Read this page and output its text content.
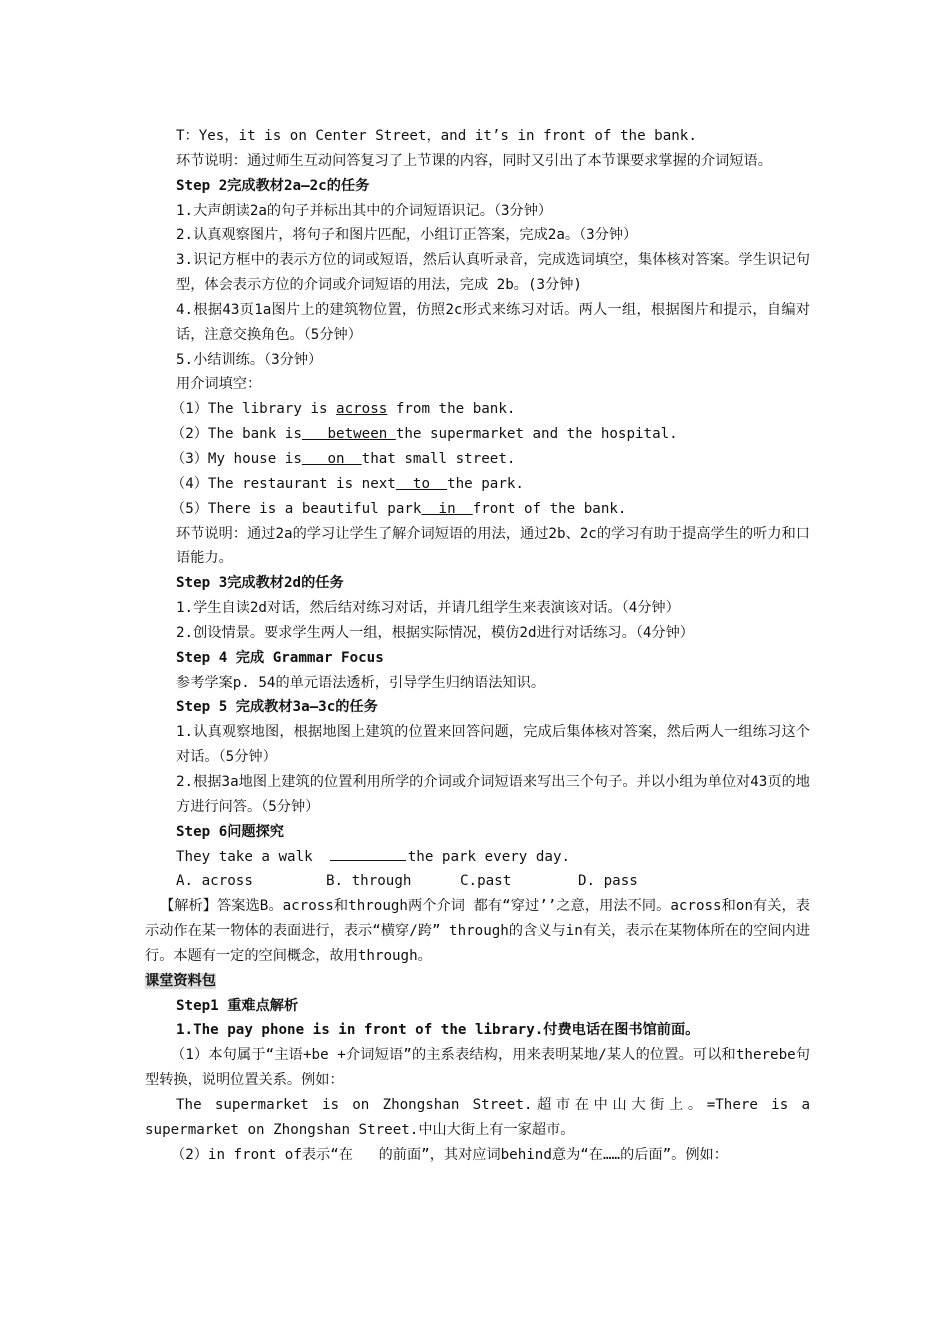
T：Yes，it is on Center Street，and it’s in front of the bank.
环节说明：通过师生互动问答复习了上节课的内容，同时又引出了本节课要求掌握的介词短语。
Step 2完成教材2a—2c的任务
1.大声朗读2a的句子并标出其中的介词短语识记。（3分钟）
2.认真观察图片，将句子和图片匹配，小组订正答案，完成2a。（3分钟）
3.识记方框中的表示方位的词或短语，然后认真听录音，完成选词填空，集体核对答案。学生识记句型，体会表示方位的介词或介词短语的用法，完成 2b。(3分钟)
4.根据43页1a图片上的建筑物位置，仿照2c形式来练习对话。两人一组，根据图片和提示，自编对话，注意交换角色。（5分钟）
5.小结训练。（3分钟）
用介词填空：
（1）The library is across from the bank.
（2）The bank is   between the supermarket and the hospital.
（3）My house is   on  that small street.
（4）The restaurant is next  to  the park.
（5）There is a beautiful park  in  front of the bank.
环节说明：通过2a的学习让学生了解介词短语的用法，通过2b、2c的学习有助于提高学生的听力和口语能力。
Step 3完成教材2d的任务
1.学生自读2d对话，然后结对练习对话，并请几组学生来表演该对话。（4分钟）
2.创设情景。要求学生两人一组，根据实际情况，模仿2d进行对话练习。（4分钟）
Step 4 完成 Grammar Focus
参考学案p. 54的单元语法透析，引导学生归纳语法知识。
Step 5 完成教材3a—3c的任务
1.认真观察地图，根据地图上建筑的位置来回答问题，完成后集体核对答案，然后两人一组练习这个对话。（5分钟）
2.根据3a地图上建筑的位置利用所学的介词或介词短语来写出三个句子。并以小组为单位对43页的地方进行问答。（5分钟）
Step 6问题探究
They take a walk	the park every day.
A. across	B. through	C.past	D. pass
【解析】答案选B。across和through两个介词 都有“穿过’’之意，用法不同。across和on有关，表示动作在某一物体的表面进行，表示“横穿/跨” through的含义与in有关，表示在某物体所在的空间内进行。本题有一定的空间概念，故用through。
课堂资料包
Step1 重难点解析
1.The pay phone is in front of the library.付费电话在图书馆前面。
（1）本句属于“主语+be +介词短语”的主系表结构，用来表明某地/某人的位置。可以和therebe句型转换，说明位置关系。例如：
The supermarket is on Zhongshan Street.超市在中山大街上。=There is a supermarket on Zhongshan Street.中山大街上有一家超市。
（2）in front of表示“在   的前面”，其对应词behind意为“在……的后面”。例如：
